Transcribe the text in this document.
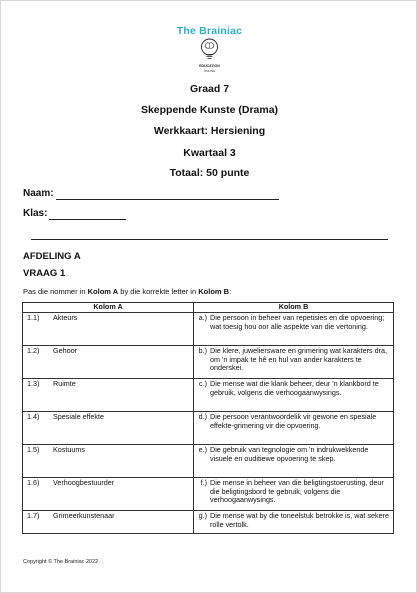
The Brainiac
EDUCATION
ONLINE
Graad 7
Skeppende Kunste (Drama)
Werkkaart: Hersiening
Kwartaal 3
Totaal: 50 punte
Naam:
Klas:
AFDELING A
VRAAG 1
Pas die nommer in Kolom A by die korrekte letter in Kolom B:
Kolom A	Kolom B
1.1) Akteurs	a.) Die persoon in beheer van repetisies en die opvoering; wat toesig hou oor alle aspekte van die vertoning.

1.2) Gehoor	b.) Die klere, juweliersware en grimering wat karakters dra, om 'n impak te hê en hul van ander karakters te onderskei.

1.3) Ruimte	c.) Die mense wat die klank beheer, deur 'n klankbord te gebruik, volgens die verhoogaanwysings.

1.4) Spesiale effekte	d.) Die persoon verantwoordelik vir gewone en spesiale effekte-grimering vir die opvoering.

1.5) Kostuums	e.) Die gebruik van tegnologie om 'n indrukwekkende visuele en ouditiewe opvoering te skep.

1.6) Verhoogbestuurder	f.) Die mense in beheer van die beligtingstoerusting, deur die beligtingsbord te gebruik, volgens die verhoogaanwysings.

1.7) Grimeerkunstenaar	g.) Die mense wat by die toneelstuk betrokke is, wat sekere rolle vertolk.
Copyright © The Brainiac 2022
